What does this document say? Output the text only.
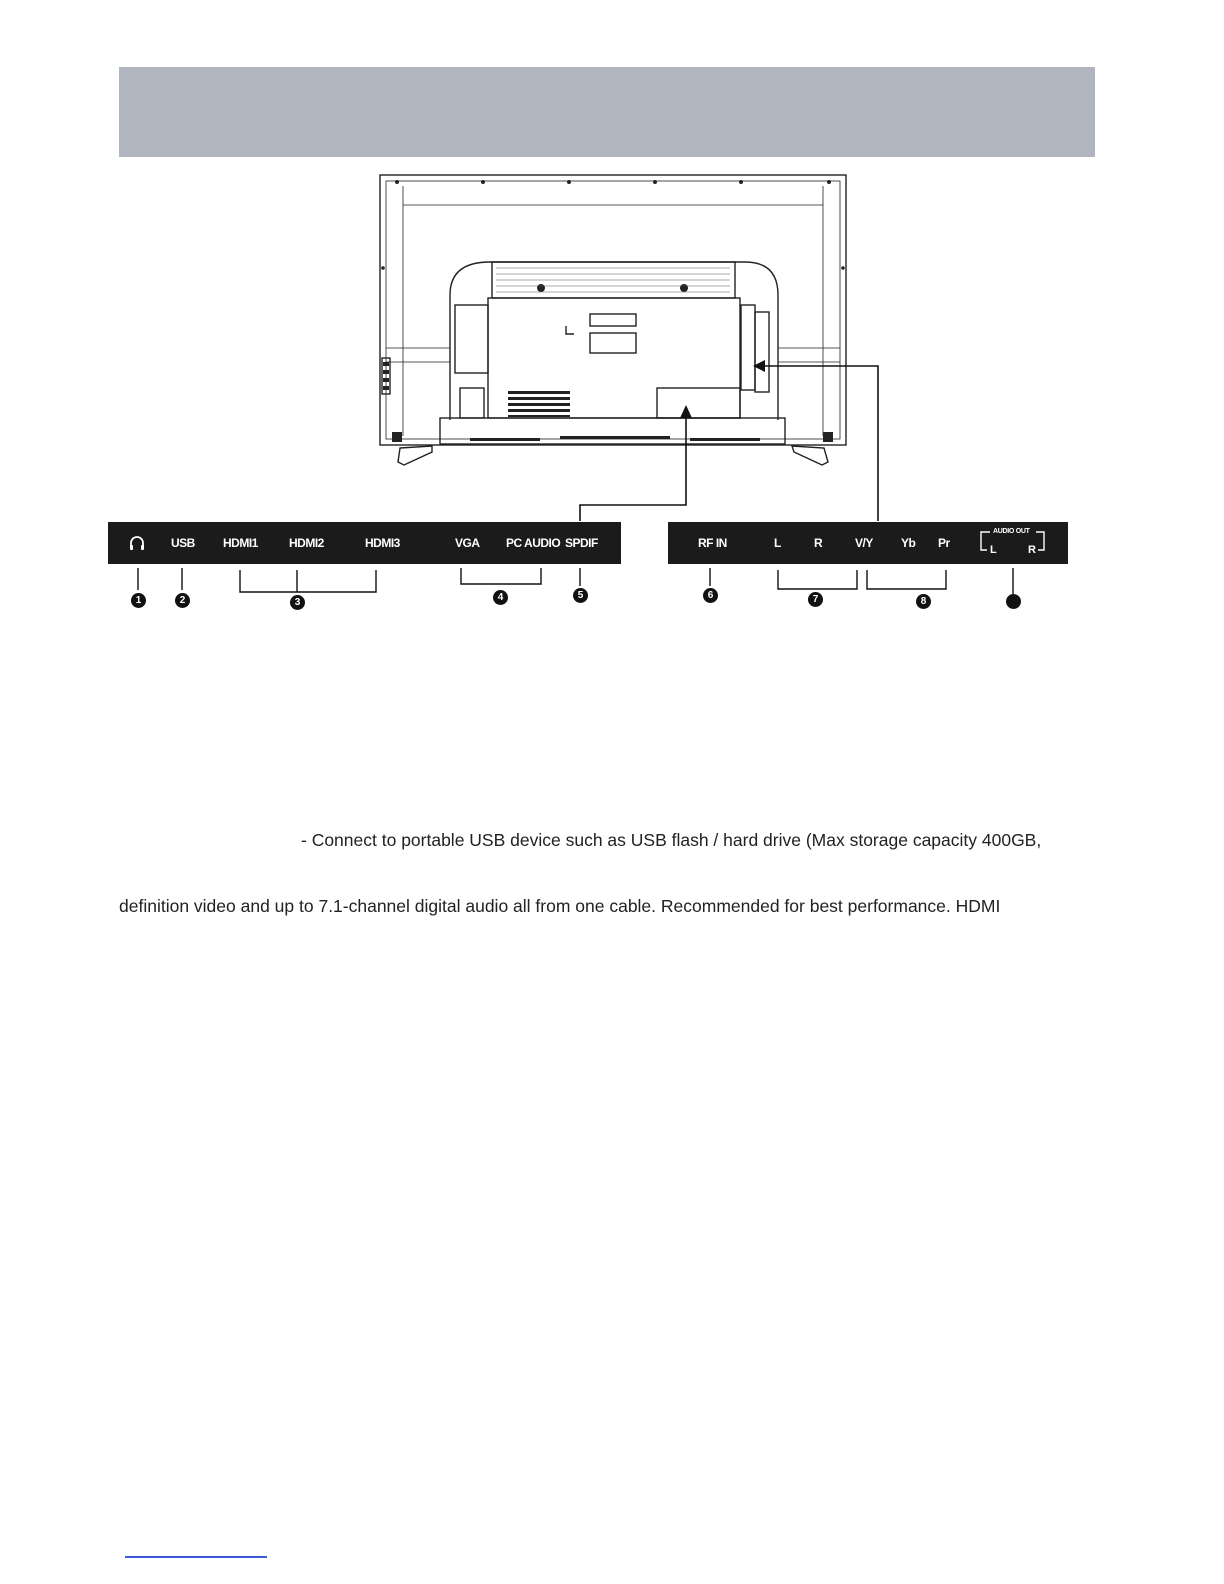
USB HDMI1	HDMI2	HDMI3	VGA PC AUDIO SPDIF	RF IN	L	R	V/Y Yb Pr
AUDIO OUT
L	R
1	2	3	4	5	6	7	8
- Connect to portable USB device such as USB flash / hard drive (Max storage capacity 400GB,
definition video and up to 7.1-channel digital audio all from one cable. Recommended for best performance. HDMI
